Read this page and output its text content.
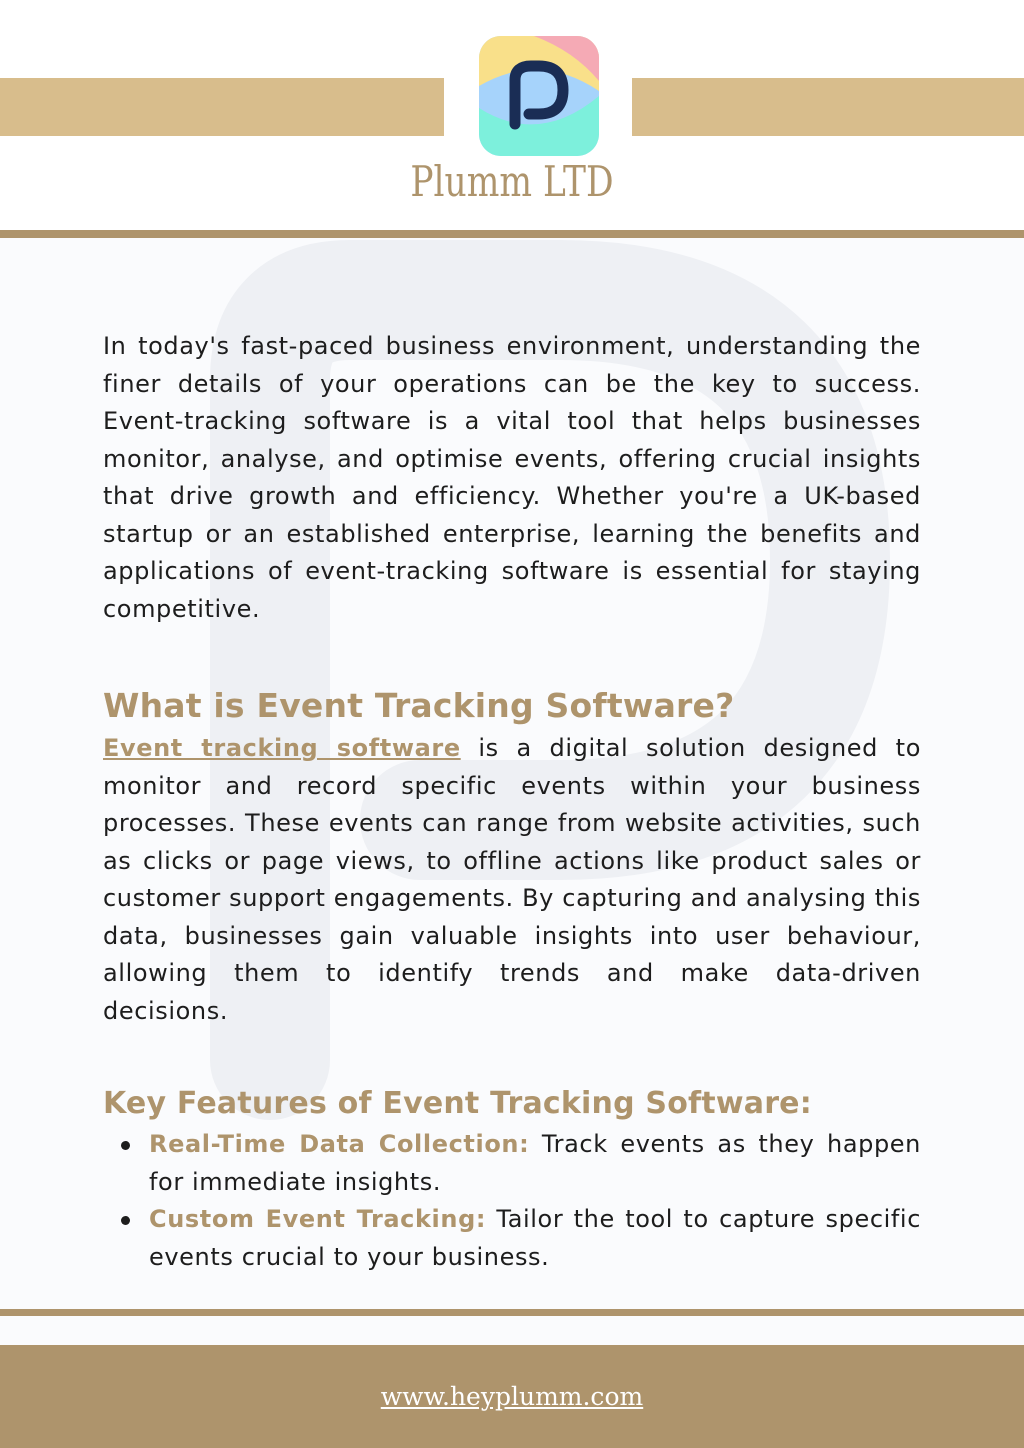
Plumm LTD

In today's fast-paced business environment, understanding the finer details of your operations can be the key to success. Event-tracking software is a vital tool that helps businesses monitor, analyse, and optimise events, offering crucial insights that drive growth and efficiency. Whether you're a UK-based startup or an established enterprise, learning the benefits and applications of event-tracking software is essential for staying competitive.

What is Event Tracking Software?

Event tracking software is a digital solution designed to monitor and record specific events within your business processes. These events can range from website activities, such as clicks or page views, to offline actions like product sales or customer support engagements. By capturing and analysing this data, businesses gain valuable insights into user behaviour, allowing them to identify trends and make data-driven decisions.

Key Features of Event Tracking Software:
Real-Time Data Collection: Track events as they happen for immediate insights.
Custom Event Tracking: Tailor the tool to capture specific events crucial to your business.
www.heyplumm.com
